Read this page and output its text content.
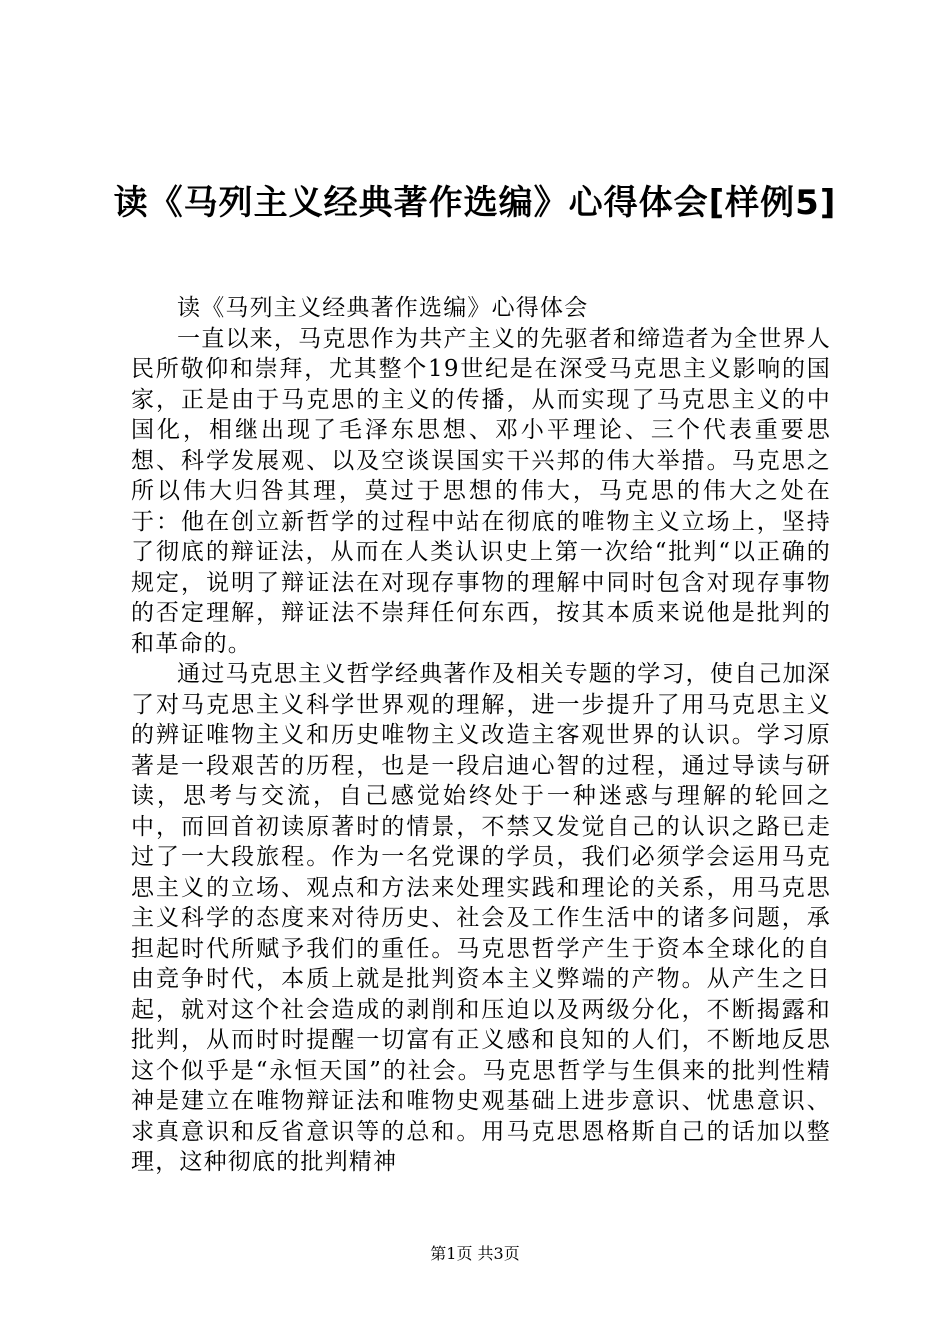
读《马列主义经典著作选编》心得体会[样例5]

读《马列主义经典著作选编》心得体会

一直以来，马克思作为共产主义的先驱者和缔造者为全世界人民所敬仰和崇拜，尤其整个19世纪是在深受马克思主义影响的国家，正是由于马克思的主义的传播，从而实现了马克思主义的中国化，相继出现了毛泽东思想、邓小平理论、三个代表重要思想、科学发展观、以及空谈误国实干兴邦的伟大举措。马克思之所以伟大归咎其理，莫过于思想的伟大，马克思的伟大之处在于：他在创立新哲学的过程中站在彻底的唯物主义立场上，坚持了彻底的辩证法，从而在人类认识史上第一次给“批判“以正确的规定，说明了辩证法在对现存事物的理解中同时包含对现存事物的否定理解，辩证法不崇拜任何东西，按其本质来说他是批判的和革命的。

通过马克思主义哲学经典著作及相关专题的学习，使自己加深了对马克思主义科学世界观的理解，进一步提升了用马克思主义的辨证唯物主义和历史唯物主义改造主客观世界的认识。学习原著是一段艰苦的历程，也是一段启迪心智的过程，通过导读与研读，思考与交流，自己感觉始终处于一种迷惑与理解的轮回之中，而回首初读原著时的情景，不禁又发觉自己的认识之路已走过了一大段旅程。作为一名党课的学员，我们必须学会运用马克思主义的立场、观点和方法来处理实践和理论的关系，用马克思主义科学的态度来对待历史、社会及工作生活中的诸多问题，承担起时代所赋予我们的重任。马克思哲学产生于资本全球化的自由竞争时代，本质上就是批判资本主义弊端的产物。从产生之日起，就对这个社会造成的剥削和压迫以及两级分化，不断揭露和批判，从而时时提醒一切富有正义感和良知的人们，不断地反思这个似乎是“永恒天国”的社会。马克思哲学与生俱来的批判性精神是建立在唯物辩证法和唯物史观基础上进步意识、忧患意识、求真意识和反省意识等的总和。用马克思恩格斯自己的话加以整理，这种彻底的批判精神

第1页 共3页
